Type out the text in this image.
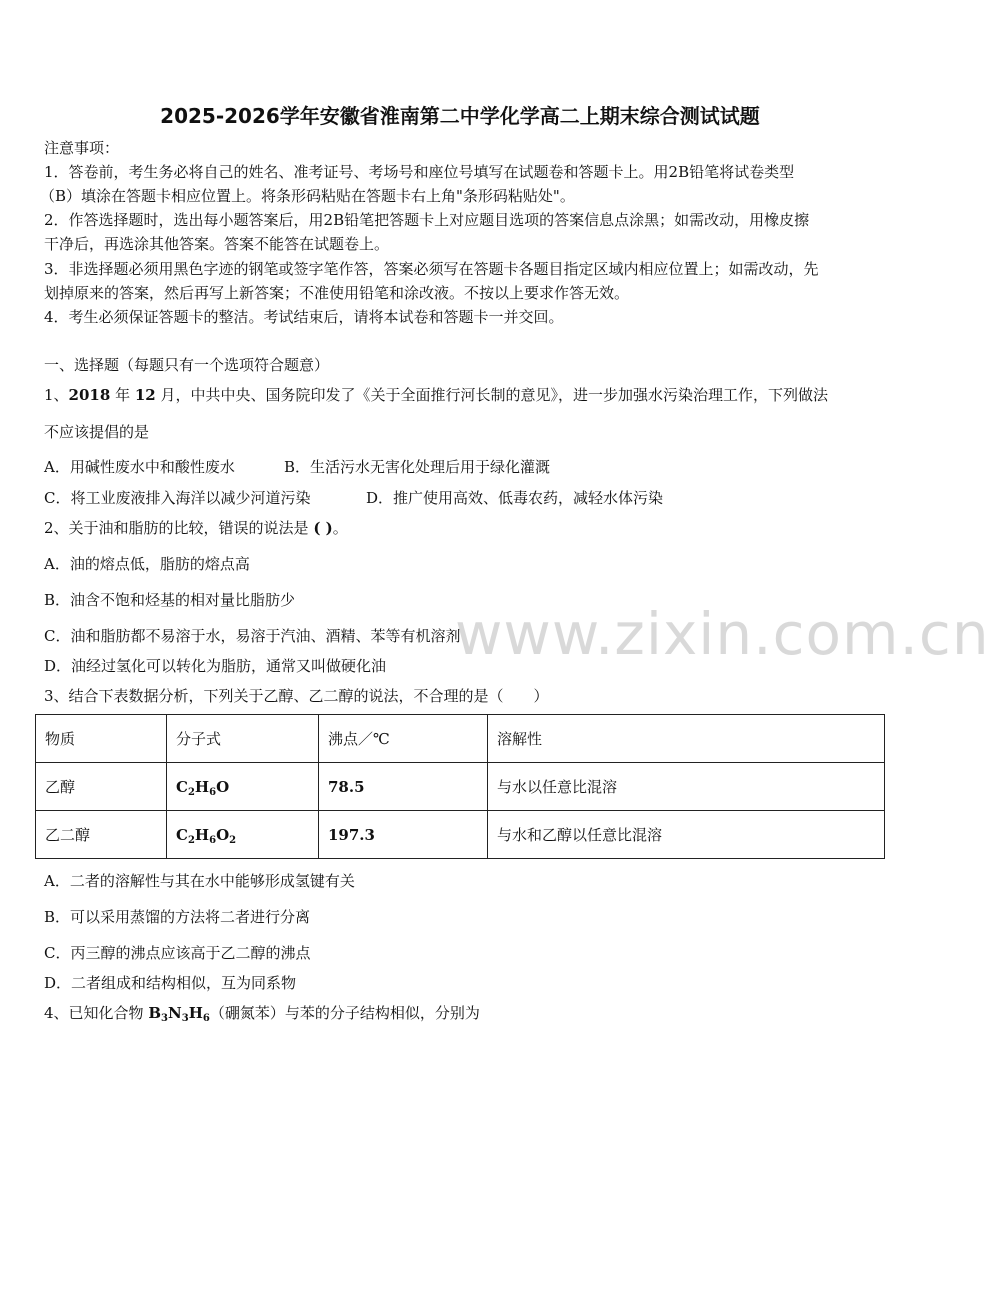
www.zixin.com.cn
2025-2026学年安徽省淮南第二中学化学高二上期末综合测试试题
注意事项：
1．答卷前，考生务必将自己的姓名、准考证号、考场号和座位号填写在试题卷和答题卡上。用2B铅笔将试卷类型
（B）填涂在答题卡相应位置上。将条形码粘贴在答题卡右上角"条形码粘贴处"。
2．作答选择题时，选出每小题答案后，用2B铅笔把答题卡上对应题目选项的答案信息点涂黑；如需改动，用橡皮擦
干净后，再选涂其他答案。答案不能答在试题卷上。
3．非选择题必须用黑色字迹的钢笔或签字笔作答，答案必须写在答题卡各题目指定区域内相应位置上；如需改动，先
划掉原来的答案，然后再写上新答案；不准使用铅笔和涂改液。不按以上要求作答无效。
4．考生必须保证答题卡的整洁。考试结束后，请将本试卷和答题卡一并交回。
一、选择题（每题只有一个选项符合题意）
1、2018 年 12 月，中共中央、国务院印发了《关于全面推行河长制的意见》，进一步加强水污染治理工作，下列做法
不应该提倡的是
A．用碱性废水中和酸性废水	B．生活污水无害化处理后用于绿化灌溉
C．将工业废液排入海洋以减少河道污染	D．推广使用高效、低毒农药，减轻水体污染
2、关于油和脂肪的比较，错误的说法是 ( )。
A．油的熔点低，脂肪的熔点高
B．油含不饱和烃基的相对量比脂肪少
C．油和脂肪都不易溶于水，易溶于汽油、酒精、苯等有机溶剂
D．油经过氢化可以转化为脂肪，通常又叫做硬化油
3、结合下表数据分析，下列关于乙醇、乙二醇的说法，不合理的是（　　）
物质	分子式	沸点／℃	溶解性
乙醇	$C_2H_6O$	78.5	与水以任意比混溶
乙二醇	$C_2H_6O_2$	197.3	与水和乙醇以任意比混溶
A．二者的溶解性与其在水中能够形成氢键有关
B．可以采用蒸馏的方法将二者进行分离
C．丙三醇的沸点应该高于乙二醇的沸点
D．二者组成和结构相似，互为同系物
4、已知化合物 $B_3N_3H_6$（硼氮苯）与苯的分子结构相似，分别为
